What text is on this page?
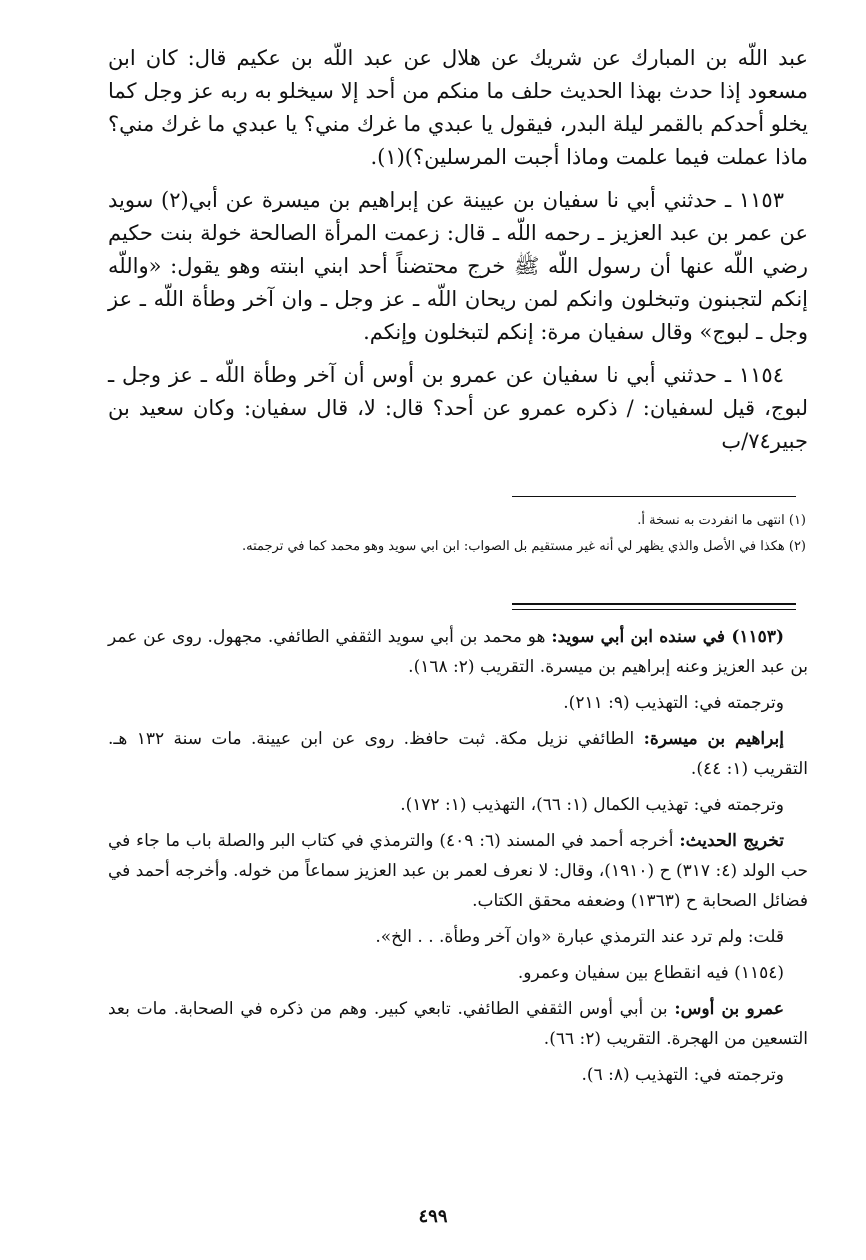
عبد اللّه بن المبارك عن شريك عن هلال عن عبد اللّه بن عكيم قال: كان ابن مسعود إذا حدث بهذا الحديث حلف ما منكم من أحد إلا سيخلو به ربه عز وجل كما يخلو أحدكم بالقمر ليلة البدر، فيقول يا عبدي ما غرك مني؟ يا عبدي ما غرك مني؟ ماذا عملت فيما علمت وماذا أجبت المرسلين؟)(١).

١١٥٣ ـ حدثني أبي نا سفيان بن عيينة عن إبراهيم بن ميسرة عن أبي(٢) سويد عن عمر بن عبد العزيز ـ رحمه اللّه ـ قال: زعمت المرأة الصالحة خولة بنت حكيم رضي اللّه عنها أن رسول اللّه ﷺ خرج محتضناً أحد ابني ابنته وهو يقول: «واللّه إنكم لتجبنون وتبخلون وانكم لمن ريحان اللّه ـ عز وجل ـ وان آخر وطأة اللّه ـ عز وجل ـ لبوج» وقال سفيان مرة: إنكم لتبخلون وإنكم.

١١٥٤ ـ حدثني أبي نا سفيان عن عمرو بن أوس أن آخر وطأة اللّه ـ عز وجل ـ لبوج، قيل لسفيان: / ذكره عمرو عن أحد؟ قال: لا، قال سفيان: وكان سعيد بن جبير٧٤/ب

(١) انتهى ما انفردت به نسخة أ.

(٢) هكذا في الأصل والذي يظهر لي أنه غير مستقيم بل الصواب: ابن ابي سويد وهو محمد كما في ترجمته.

(١١٥٣) في سنده ابن أبي سويد: هو محمد بن أبي سويد الثقفي الطائفي. مجهول. روى عن عمر بن عبد العزيز وعنه إبراهيم بن ميسرة. التقريب (٢: ١٦٨).

وترجمته في: التهذيب (٩: ٢١١).

إبراهيم بن ميسرة: الطائفي نزيل مكة. ثبت حافظ. روى عن ابن عيينة. مات سنة ١٣٢ هـ. التقريب (١: ٤٤).

وترجمته في: تهذيب الكمال (١: ٦٦)، التهذيب (١: ١٧٢).

تخريج الحديث: أخرجه أحمد في المسند (٦: ٤٠٩) والترمذي في كتاب البر والصلة باب ما جاء في حب الولد (٤: ٣١٧) ح (١٩١٠)، وقال: لا نعرف لعمر بن عبد العزيز سماعاً من خوله. وأخرجه أحمد في فضائل الصحابة ح (١٣٦٣) وضعفه محقق الكتاب.

قلت: ولم ترد عند الترمذي عبارة «وان آخر وطأة. . . الخ».

(١١٥٤) فيه انقطاع بين سفيان وعمرو.

عمرو بن أوس: بن أبي أوس الثقفي الطائفي. تابعي كبير. وهم من ذكره في الصحابة. مات بعد التسعين من الهجرة. التقريب (٢: ٦٦).

وترجمته في: التهذيب (٨: ٦).

٤٩٩
